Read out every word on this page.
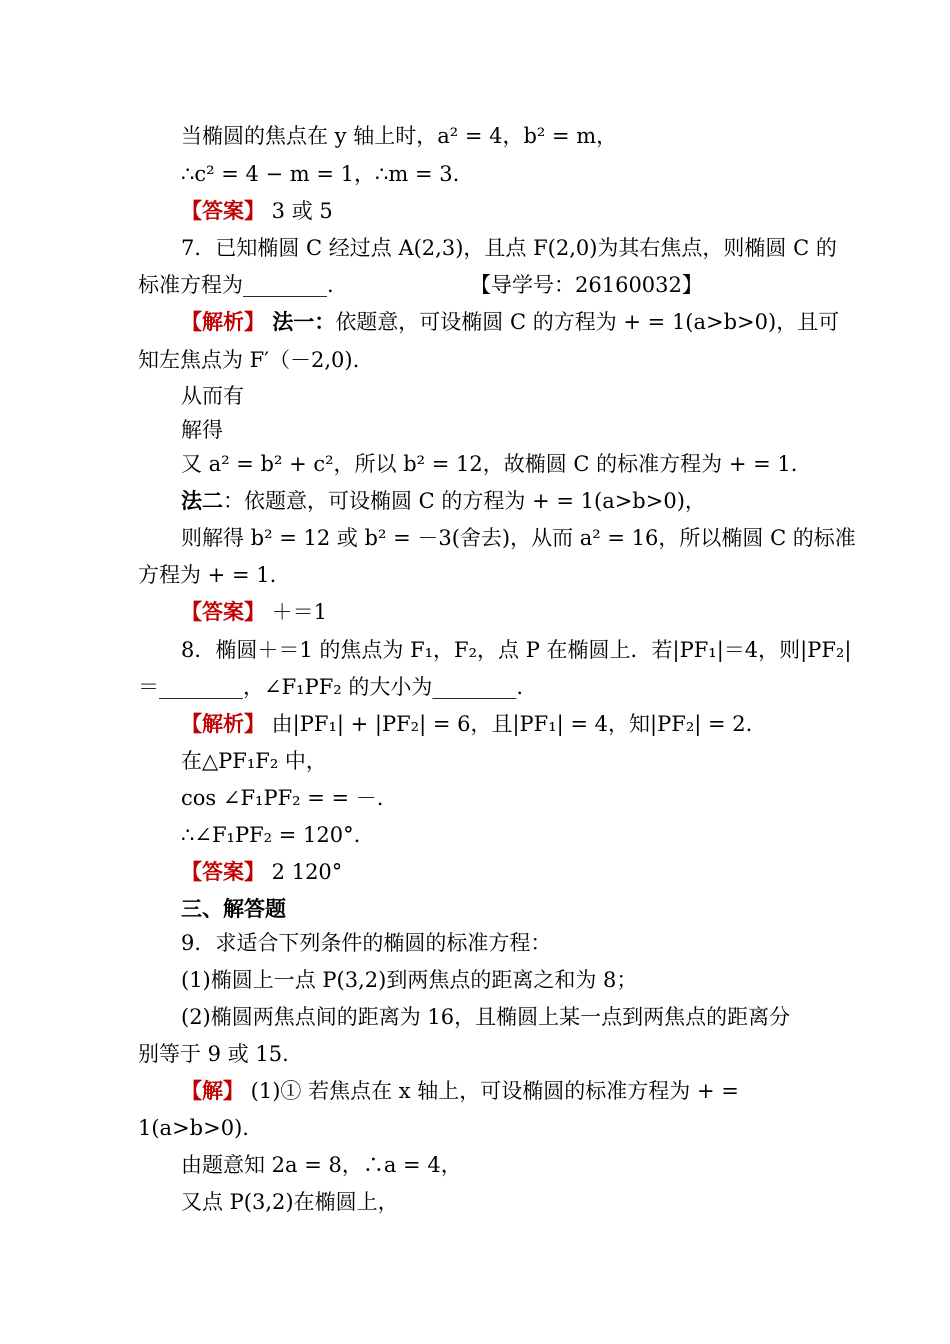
当椭圆的焦点在 y 轴上时，a² = 4，b² = m，
∴c² = 4 − m = 1，∴m = 3.
【答案】 3 或 5
7．已知椭圆 C 经过点 A(2,3)，且点 F(2,0)为其右焦点，则椭圆 C 的
标准方程为________.	【导学号：26160032】
【解析】 法一：依题意，可设椭圆 C 的方程为 + = 1(a>b>0)，且可
知左焦点为 F′（－2,0).
从而有
解得
又 a² = b² + c²，所以 b² = 12，故椭圆 C 的标准方程为 + = 1.
法二：依题意，可设椭圆 C 的方程为 + = 1(a>b>0)，
则解得 b² = 12 或 b² = －3(舍去)，从而 a² = 16，所以椭圆 C 的标准
方程为 + = 1.
【答案】 ＋＝1
8．椭圆＋＝1 的焦点为 F₁，F₂，点 P 在椭圆上．若|PF₁|＝4，则|PF₂|
＝________，∠F₁PF₂ 的大小为________.
【解析】 由|PF₁| + |PF₂| = 6，且|PF₁| = 4，知|PF₂| = 2.
在△PF₁F₂ 中，
cos ∠F₁PF₂ = = －.
∴∠F₁PF₂ = 120°.
【答案】 2 120°
三、解答题
9．求适合下列条件的椭圆的标准方程：
(1)椭圆上一点 P(3,2)到两焦点的距离之和为 8；
(2)椭圆两焦点间的距离为 16，且椭圆上某一点到两焦点的距离分
别等于 9 或 15.
【解】 (1)① 若焦点在 x 轴上，可设椭圆的标准方程为 + =
1(a>b>0).
由题意知 2a = 8，∴a = 4，
又点 P(3,2)在椭圆上，
